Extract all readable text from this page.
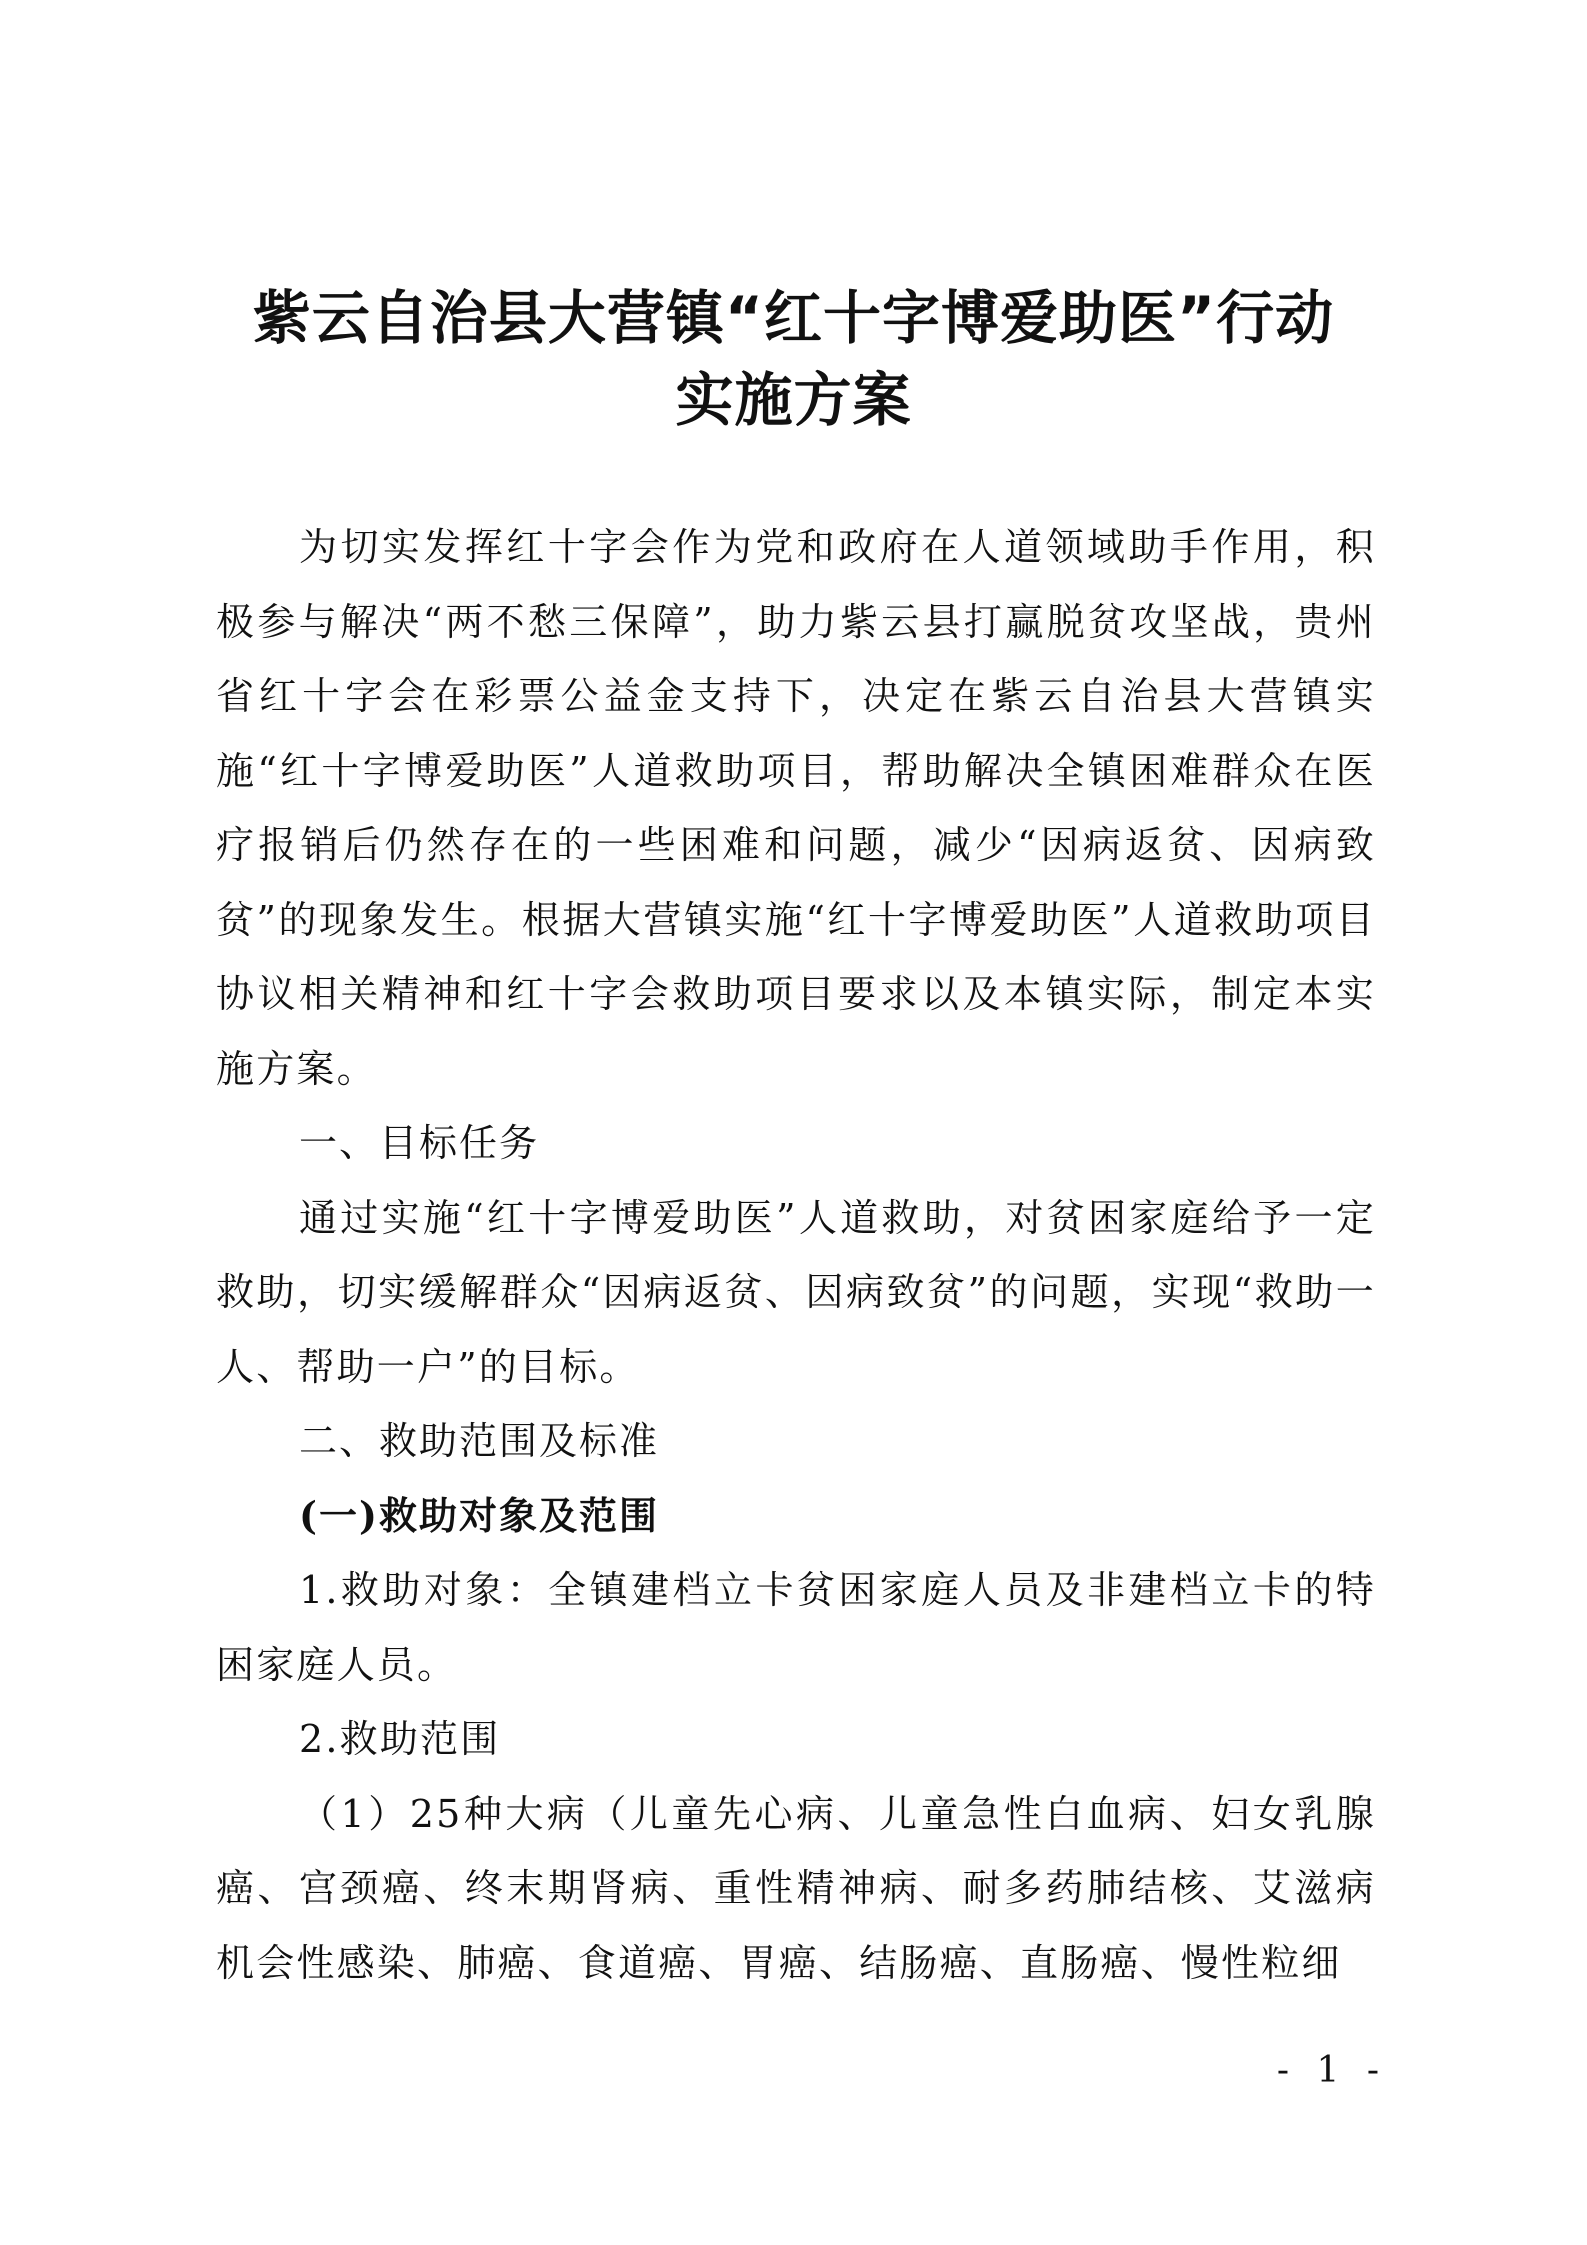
紫云自治县大营镇“红十字博爱助医”行动
实施方案

为切实发挥红十字会作为党和政府在人道领域助手作用，积极参与解决“两不愁三保障”，助力紫云县打赢脱贫攻坚战，贵州省红十字会在彩票公益金支持下，决定在紫云自治县大营镇实施“红十字博爱助医”人道救助项目，帮助解决全镇困难群众在医疗报销后仍然存在的一些困难和问题，减少“因病返贫、因病致贫”的现象发生。根据大营镇实施“红十字博爱助医”人道救助项目协议相关精神和红十字会救助项目要求以及本镇实际，制定本实施方案。

一、目标任务

通过实施“红十字博爱助医”人道救助，对贫困家庭给予一定救助，切实缓解群众“因病返贫、因病致贫”的问题，实现“救助一人、帮助一户”的目标。

二、救助范围及标准

(一)救助对象及范围

1.救助对象：全镇建档立卡贫困家庭人员及非建档立卡的特困家庭人员。

2.救助范围

（1）25种大病（儿童先心病、儿童急性白血病、妇女乳腺癌、宫颈癌、终末期肾病、重性精神病、耐多药肺结核、艾滋病机会性感染、肺癌、食道癌、胃癌、结肠癌、直肠癌、慢性粒细

- 1 -
